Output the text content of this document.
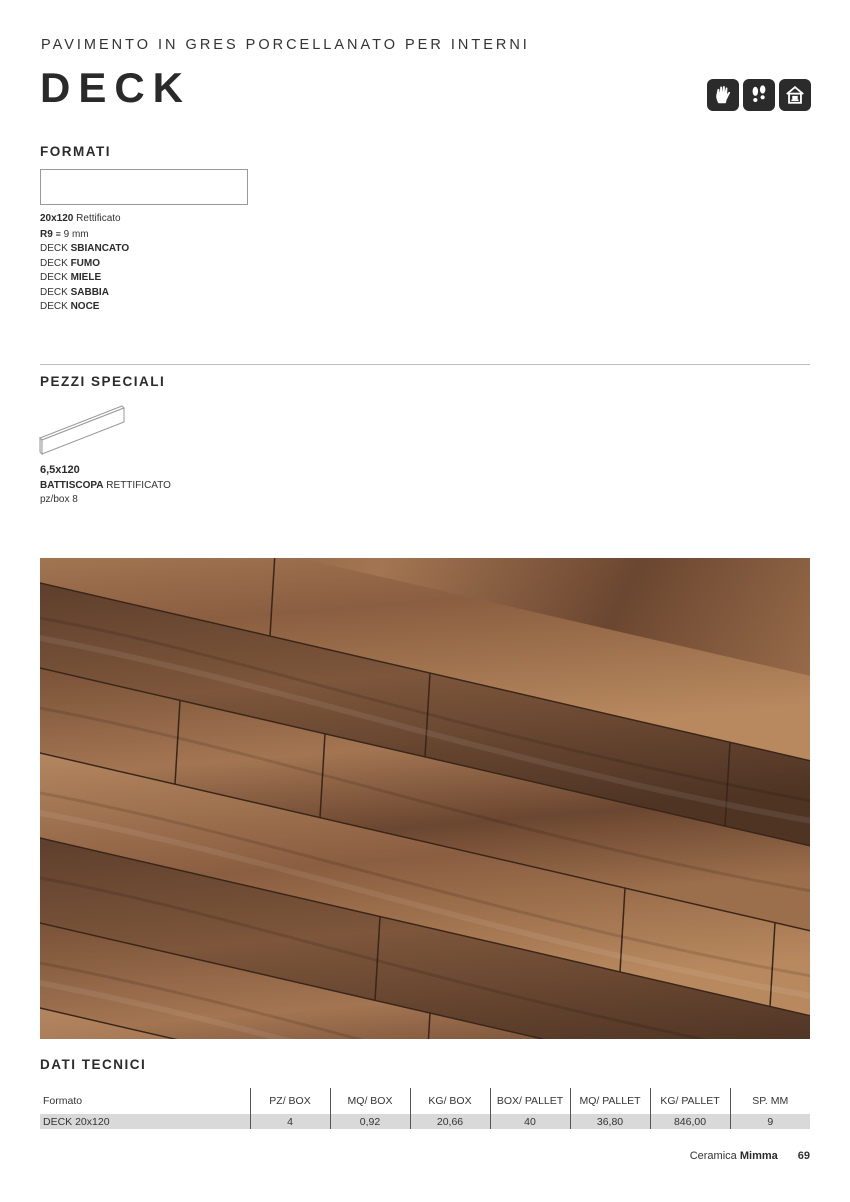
PAVIMENTO IN GRES PORCELLANATO PER INTERNI
DECK
FORMATI
20x120 Rettificato
R9 ≡ 9 mm
DECK SBIANCATO
DECK FUMO
DECK MIELE
DECK SABBIA
DECK NOCE
PEZZI SPECIALI
6,5x120
BATTISCOPA RETTIFICATO
pz/box 8
DATI TECNICI
Formato	PZ/ BOX	MQ/ BOX	KG/ BOX	BOX/ PALLET	MQ/ PALLET	KG/ PALLET	SP. MM
DECK 20x120	4	0,92	20,66	40	36,80	846,00	9
Ceramica Mimma 69
